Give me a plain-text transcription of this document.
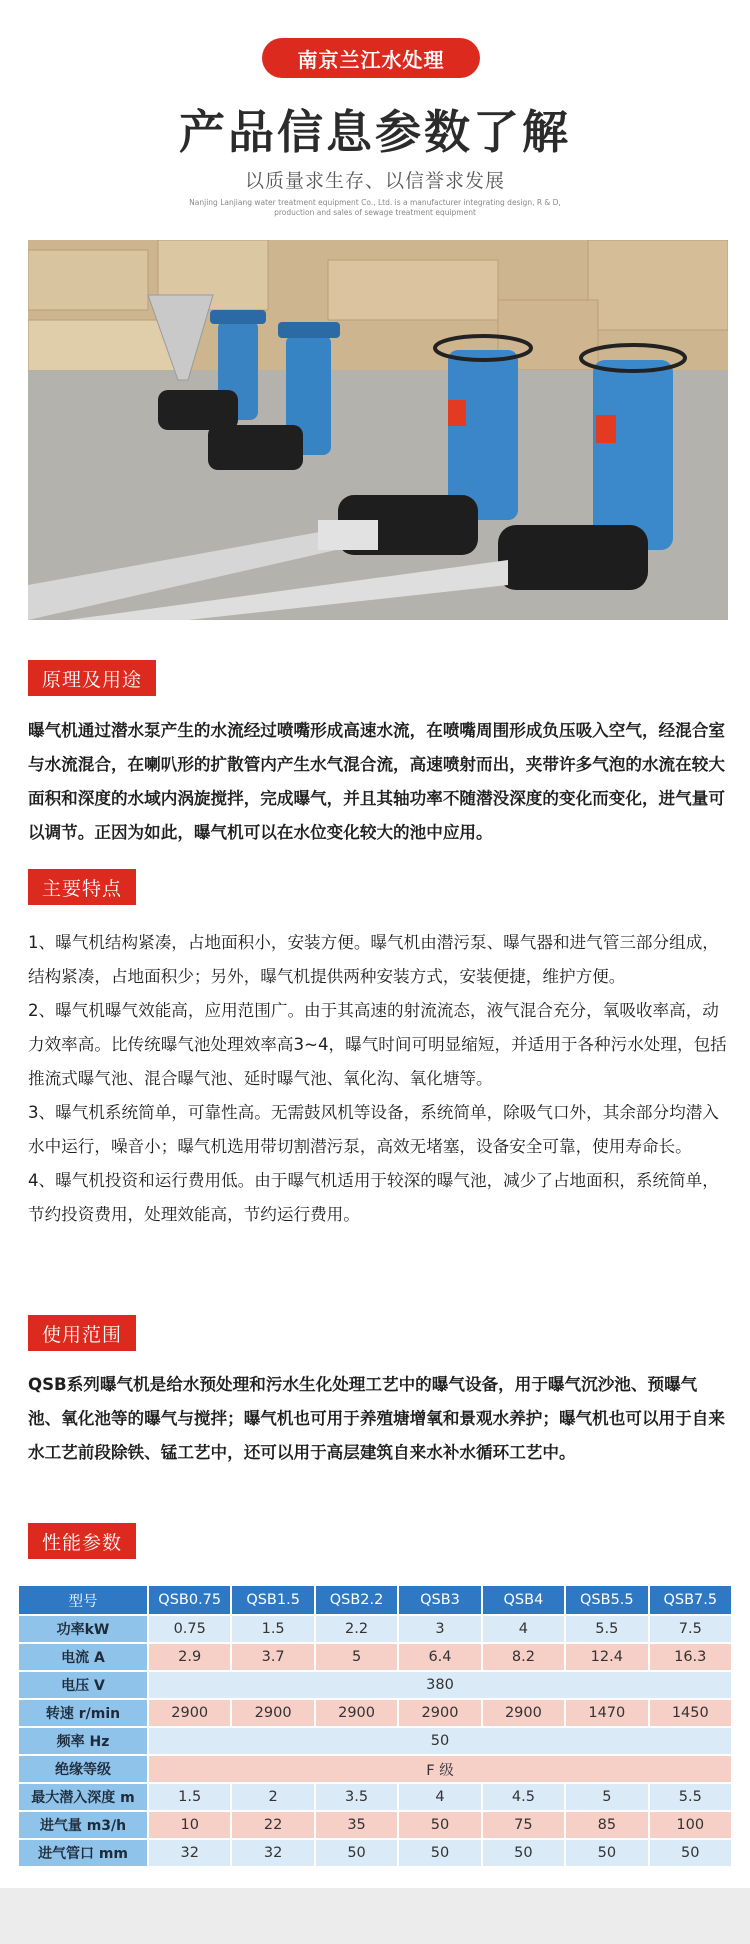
南京兰江水处理
产品信息参数了解
以质量求生存、以信誉求发展
Nanjing Lanjiang water treatment equipment Co., Ltd. is a manufacturer integrating design, R & D, production and sales of sewage treatment equipment
原理及用途
曝气机通过潜水泵产生的水流经过喷嘴形成高速水流，在喷嘴周围形成负压吸入空气，经混合室与水流混合，在喇叭形的扩散管内产生水气混合流，高速喷射而出，夹带许多气泡的水流在较大面积和深度的水域内涡旋搅拌，完成曝气，并且其轴功率不随潜没深度的变化而变化，进气量可以调节。正因为如此，曝气机可以在水位变化较大的池中应用。
主要特点

1、曝气机结构紧凑，占地面积小，安装方便。曝气机由潜污泵、曝气器和进气管三部分组成，结构紧凑，占地面积少；另外，曝气机提供两种安装方式，安装便捷，维护方便。

2、曝气机曝气效能高，应用范围广。由于其高速的射流流态，液气混合充分，氧吸收率高，动力效率高。比传统曝气池处理效率高3~4，曝气时间可明显缩短，并适用于各种污水处理，包括推流式曝气池、混合曝气池、延时曝气池、氧化沟、氧化塘等。

3、曝气机系统简单，可靠性高。无需鼓风机等设备，系统简单，除吸气口外，其余部分均潜入水中运行，噪音小；曝气机选用带切割潜污泵，高效无堵塞，设备安全可靠，使用寿命长。

4、曝气机投资和运行费用低。由于曝气机适用于较深的曝气池，减少了占地面积，系统简单，节约投资费用，处理效能高，节约运行费用。

使用范围
QSB系列曝气机是给水预处理和污水生化处理工艺中的曝气设备，用于曝气沉沙池、预曝气池、氧化池等的曝气与搅拌；曝气机也可用于养殖塘增氧和景观水养护；曝气机也可以用于自来水工艺前段除铁、锰工艺中，还可以用于高层建筑自来水补水循环工艺中。
性能参数
型号	QSB0.75	QSB1.5	QSB2.2	QSB3	QSB4	QSB5.5	QSB7.5
功率kW	0.75	1.5	2.2	3	4	5.5	7.5
电流 A	2.9	3.7	5	6.4	8.2	12.4	16.3
电压 V	380						
转速 r/min	2900	2900	2900	2900	2900	1470	1450
频率 Hz	50						
绝缘等级	F 级						
最大潜入深度 m	1.5	2	3.5	4	4.5	5	5.5
进气量 m3/h	10	22	35	50	75	85	100
进气管口 mm	32	32	50	50	50	50	50
